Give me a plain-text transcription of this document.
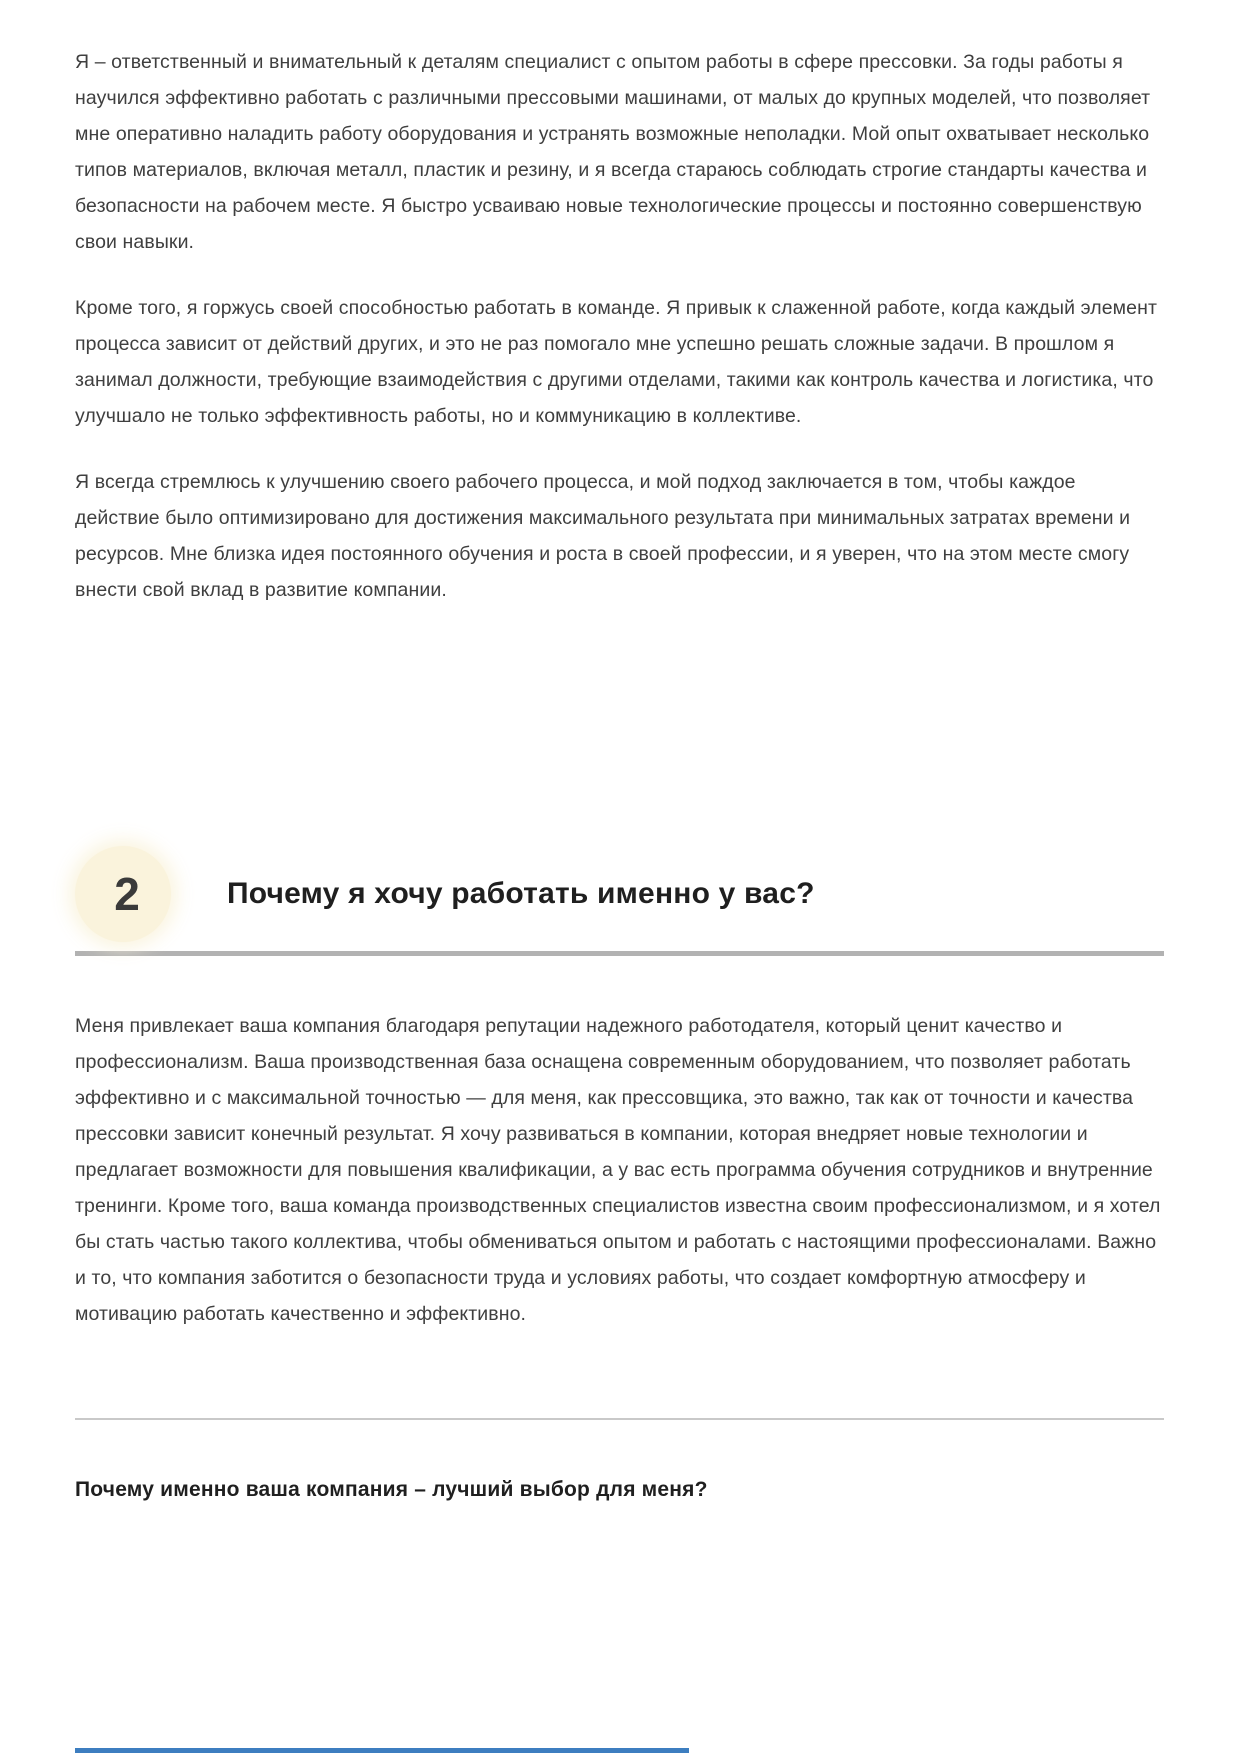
Я – ответственный и внимательный к деталям специалист с опытом работы в сфере прессовки. За годы работы я научился эффективно работать с различными прессовыми машинами, от малых до крупных моделей, что позволяет мне оперативно наладить работу оборудования и устранять возможные неполадки. Мой опыт охватывает несколько типов материалов, включая металл, пластик и резину, и я всегда стараюсь соблюдать строгие стандарты качества и безопасности на рабочем месте. Я быстро усваиваю новые технологические процессы и постоянно совершенствую свои навыки.

Кроме того, я горжусь своей способностью работать в команде. Я привык к слаженной работе, когда каждый элемент процесса зависит от действий других, и это не раз помогало мне успешно решать сложные задачи. В прошлом я занимал должности, требующие взаимодействия с другими отделами, такими как контроль качества и логистика, что улучшало не только эффективность работы, но и коммуникацию в коллективе.

Я всегда стремлюсь к улучшению своего рабочего процесса, и мой подход заключается в том, чтобы каждое действие было оптимизировано для достижения максимального результата при минимальных затратах времени и ресурсов. Мне близка идея постоянного обучения и роста в своей профессии, и я уверен, что на этом месте смогу внести свой вклад в развитие компании.

2	Почему я хочу работать именно у вас?

Меня привлекает ваша компания благодаря репутации надежного работодателя, который ценит качество и профессионализм. Ваша производственная база оснащена современным оборудованием, что позволяет работать эффективно и с максимальной точностью — для меня, как прессовщика, это важно, так как от точности и качества прессовки зависит конечный результат. Я хочу развиваться в компании, которая внедряет новые технологии и предлагает возможности для повышения квалификации, а у вас есть программа обучения сотрудников и внутренние тренинги. Кроме того, ваша команда производственных специалистов известна своим профессионализмом, и я хотел бы стать частью такого коллектива, чтобы обмениваться опытом и работать с настоящими профессионалами. Важно и то, что компания заботится о безопасности труда и условиях работы, что создает комфортную атмосферу и мотивацию работать качественно и эффективно.

Почему именно ваша компания – лучший выбор для меня?
